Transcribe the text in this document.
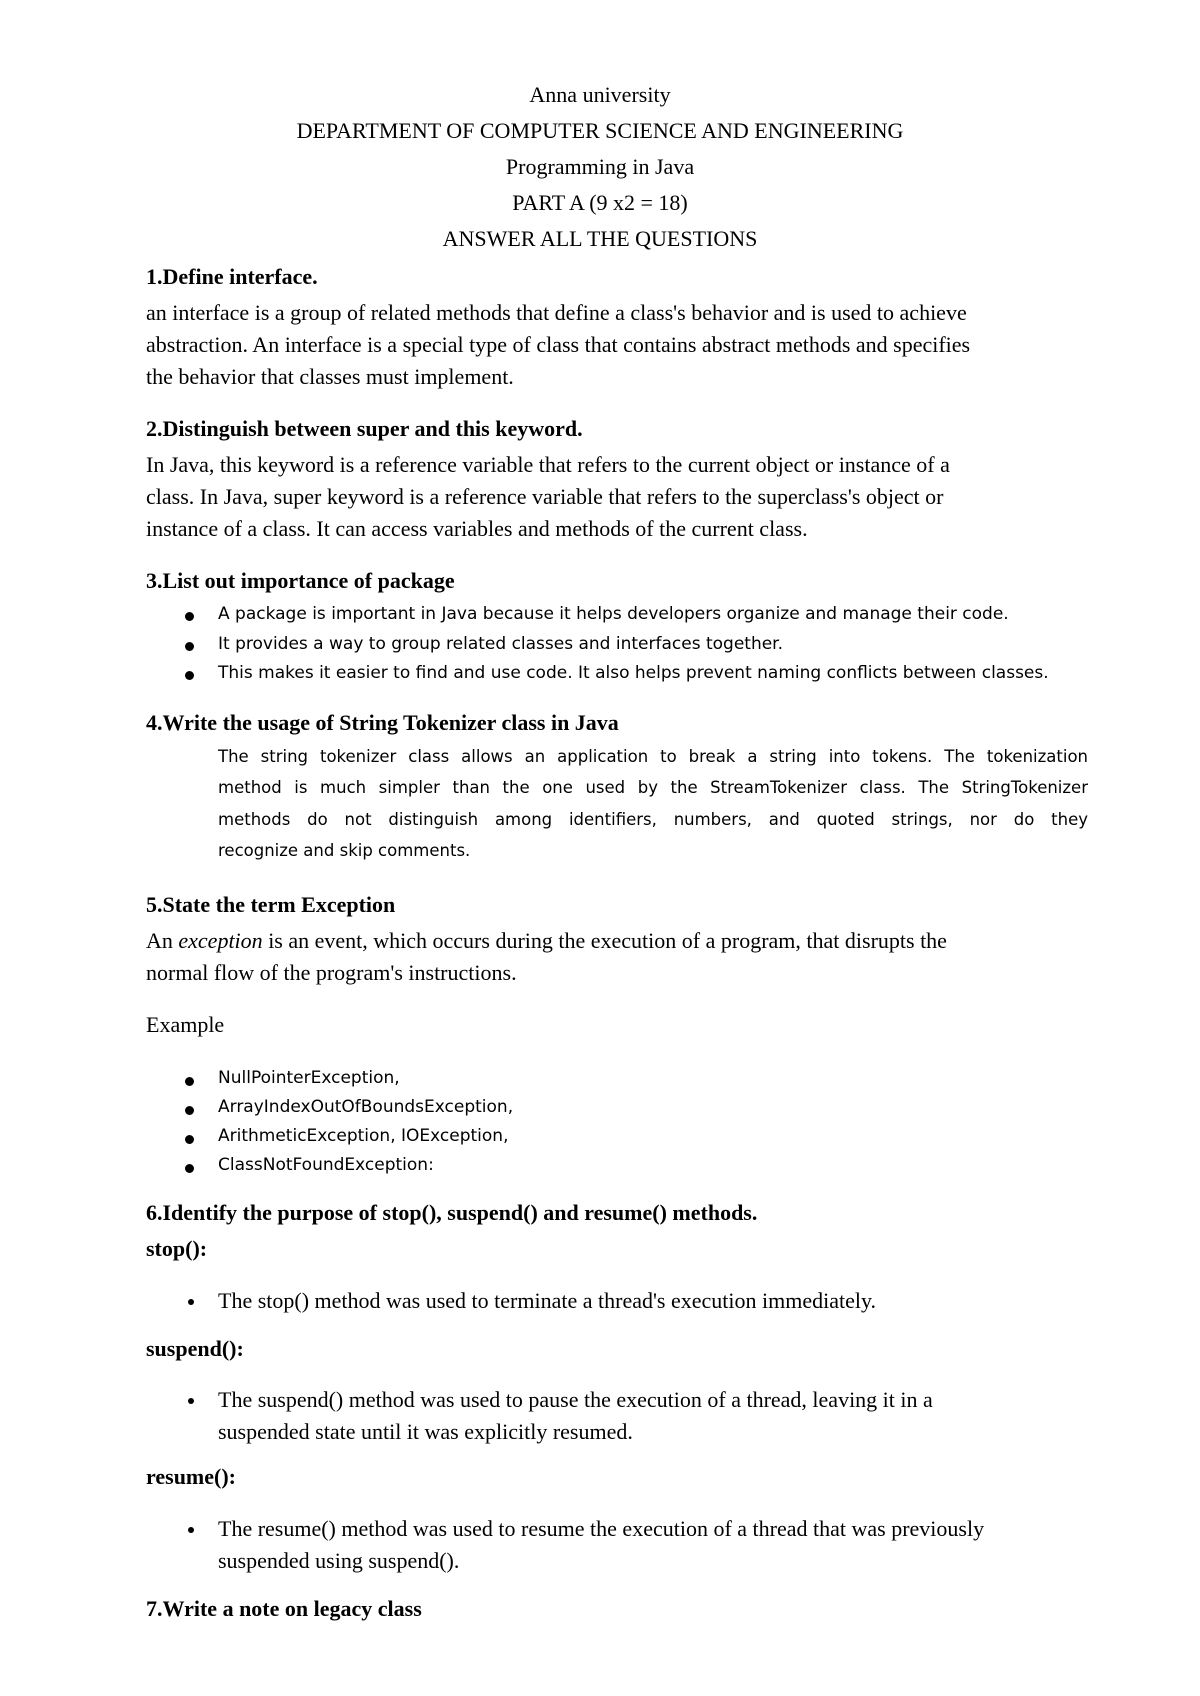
Anna university
DEPARTMENT OF COMPUTER SCIENCE AND ENGINEERING
Programming in Java
PART A (9 x2 = 18)
ANSWER ALL THE QUESTIONS
1.Define interface.
an interface is a group of related methods that define a class's behavior and is used to achieve
abstraction. An interface is a special type of class that contains abstract methods and specifies
the behavior that classes must implement.
2.Distinguish between super and this keyword.
In Java, this keyword is a reference variable that refers to the current object or instance of a
class. In Java, super keyword is a reference variable that refers to the superclass's object or
instance of a class. It can access variables and methods of the current class.
3.List out importance of package
A package is important in Java because it helps developers organize and manage their code.
It provides a way to group related classes and interfaces together.
This makes it easier to find and use code. It also helps prevent naming conflicts between classes.
4.Write the usage of String Tokenizer class in Java
The string tokenizer class allows an application to break a string into tokens. The tokenization
method is much simpler than the one used by the StreamTokenizer class. The StringTokenizer
methods do not distinguish among identifiers, numbers, and quoted strings, nor do they
recognize and skip comments.
5.State the term Exception
An exception is an event, which occurs during the execution of a program, that disrupts the
normal flow of the program's instructions.
Example
NullPointerException,
ArrayIndexOutOfBoundsException,
ArithmeticException, IOException,
ClassNotFoundException:
6.Identify the purpose of stop(), suspend() and resume() methods.
stop():
The stop() method was used to terminate a thread's execution immediately.
suspend():
The suspend() method was used to pause the execution of a thread, leaving it in a
suspended state until it was explicitly resumed.
resume():
The resume() method was used to resume the execution of a thread that was previously
suspended using suspend().
7.Write a note on legacy class
